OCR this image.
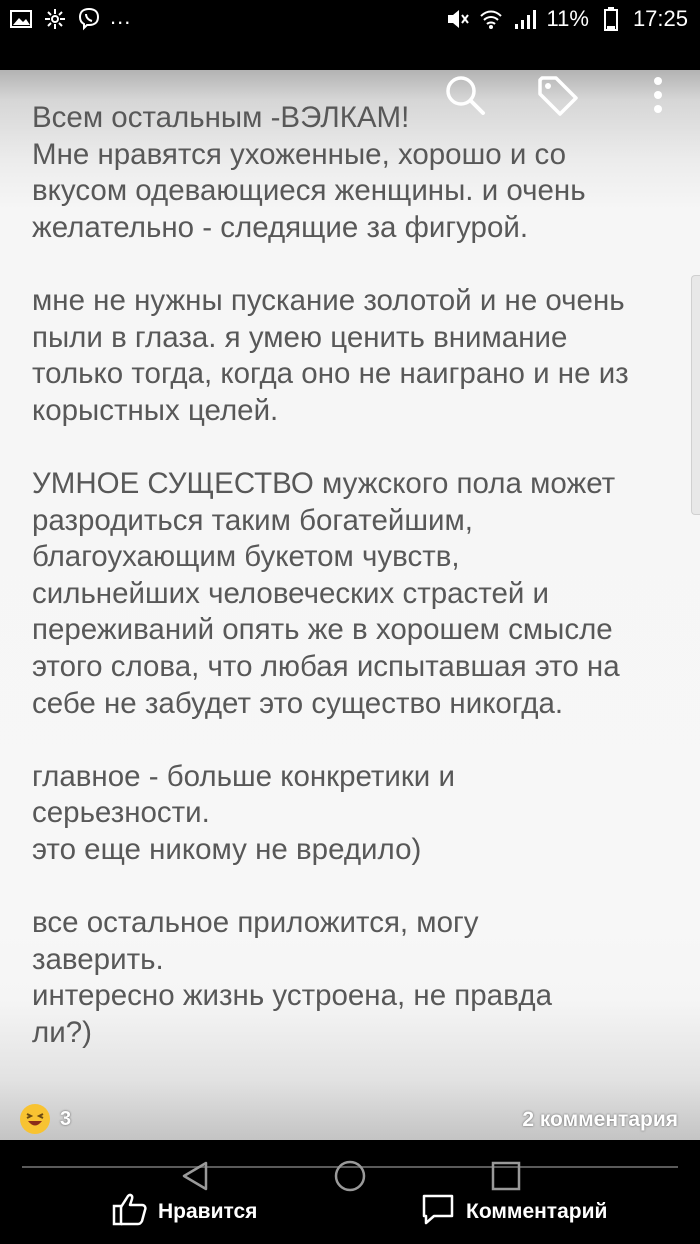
...	11% 17:25

Всем остальным -ВЭЛКАМ!
Мне нравятся ухоженные, хорошо и со
вкусом одевающиеся женщины. и очень
желательно - следящие за фигурой.

мне не нужны пускание золотой и не очень
пыли в глаза. я умею ценить внимание
только тогда, когда оно не наиграно и не из
корыстных целей.

УМНОЕ СУЩЕСТВО мужского пола может
разродиться таким богатейшим,
благоухающим букетом чувств,
сильнейших человеческих страстей и
переживаний опять же в хорошем смысле
этого слова, что любая испытавшая это на
себе не забудет это существо никогда.

главное - больше конкретики и
серьезности.
это еще никому не вредило)

все остальное приложится, могу
заверить.
интересно жизнь устроена, не правда
ли?)

3	2 комментария
Нравится	Комментарий
